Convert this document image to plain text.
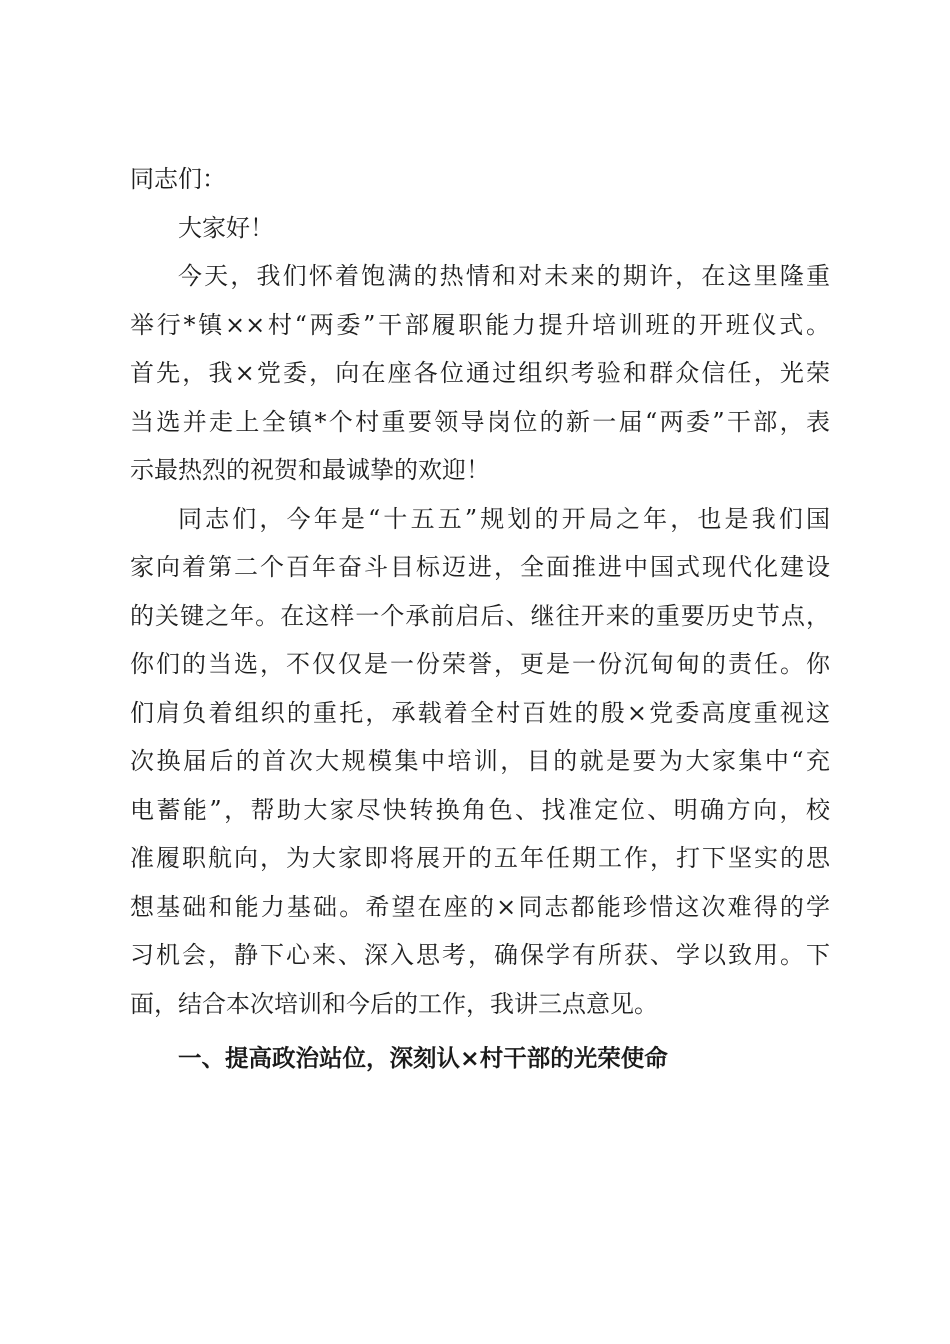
同志们：
大家好！
今天，我们怀着饱满的热情和对未来的期许，在这里隆重
举行*镇××村“两委”干部履职能力提升培训班的开班仪式。
首先，我×党委，向在座各位通过组织考验和群众信任，光荣
当选并走上全镇*个村重要领导岗位的新一届“两委”干部，表
示最热烈的祝贺和最诚挚的欢迎！
同志们，今年是“十五五”规划的开局之年，也是我们国
家向着第二个百年奋斗目标迈进，全面推进中国式现代化建设
的关键之年。在这样一个承前启后、继往开来的重要历史节点，
你们的当选，不仅仅是一份荣誉，更是一份沉甸甸的责任。你
们肩负着组织的重托，承载着全村百姓的殷×党委高度重视这
次换届后的首次大规模集中培训，目的就是要为大家集中“充
电蓄能”，帮助大家尽快转换角色、找准定位、明确方向，校
准履职航向，为大家即将展开的五年任期工作，打下坚实的思
想基础和能力基础。希望在座的×同志都能珍惜这次难得的学
习机会，静下心来、深入思考，确保学有所获、学以致用。下
面，结合本次培训和今后的工作，我讲三点意见。
一、提高政治站位，深刻认×村干部的光荣使命
